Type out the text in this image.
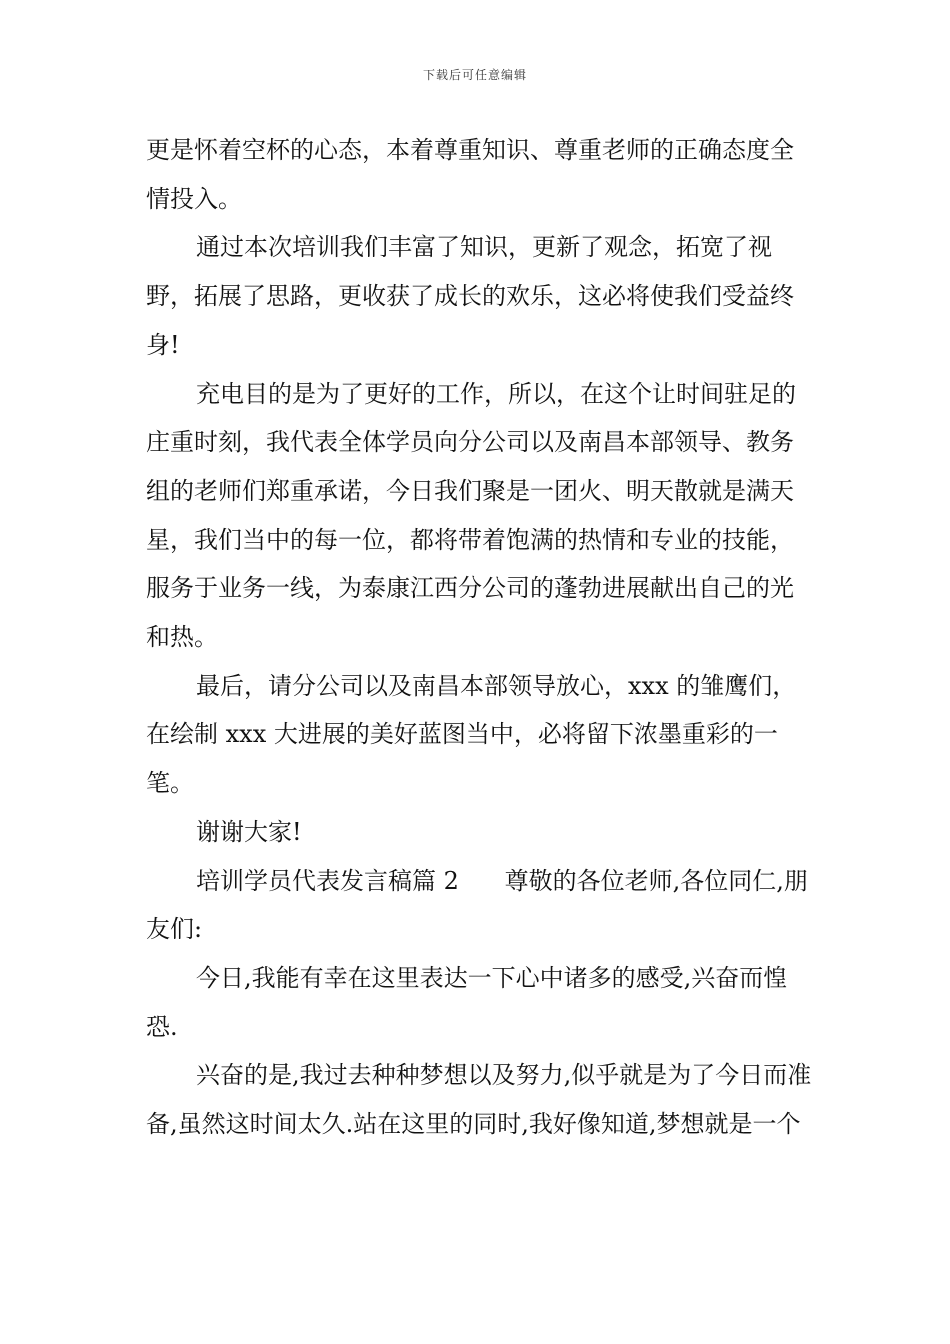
下载后可任意编辑

更是怀着空杯的心态，本着尊重知识、尊重老师的正确态度全情投入。

通过本次培训我们丰富了知识，更新了观念，拓宽了视野，拓展了思路，更收获了成长的欢乐，这必将使我们受益终身!

充电目的是为了更好的工作，所以，在这个让时间驻足的庄重时刻，我代表全体学员向分公司以及南昌本部领导、教务组的老师们郑重承诺，今日我们聚是一团火、明天散就是满天星，我们当中的每一位，都将带着饱满的热情和专业的技能，服务于业务一线，为泰康江西分公司的蓬勃进展献出自己的光和热。

最后，请分公司以及南昌本部领导放心，xxx 的雏鹰们，在绘制 xxx 大进展的美好蓝图当中，必将留下浓墨重彩的一笔。

谢谢大家!

培训学员代表发言稿篇 2      尊敬的各位老师,各位同仁,朋友们:

今日,我能有幸在这里表达一下心中诸多的感受,兴奋而惶恐.

兴奋的是,我过去种种梦想以及努力,似乎就是为了今日而准备,虽然这时间太久.站在这里的同时,我好像知道,梦想就是一个
